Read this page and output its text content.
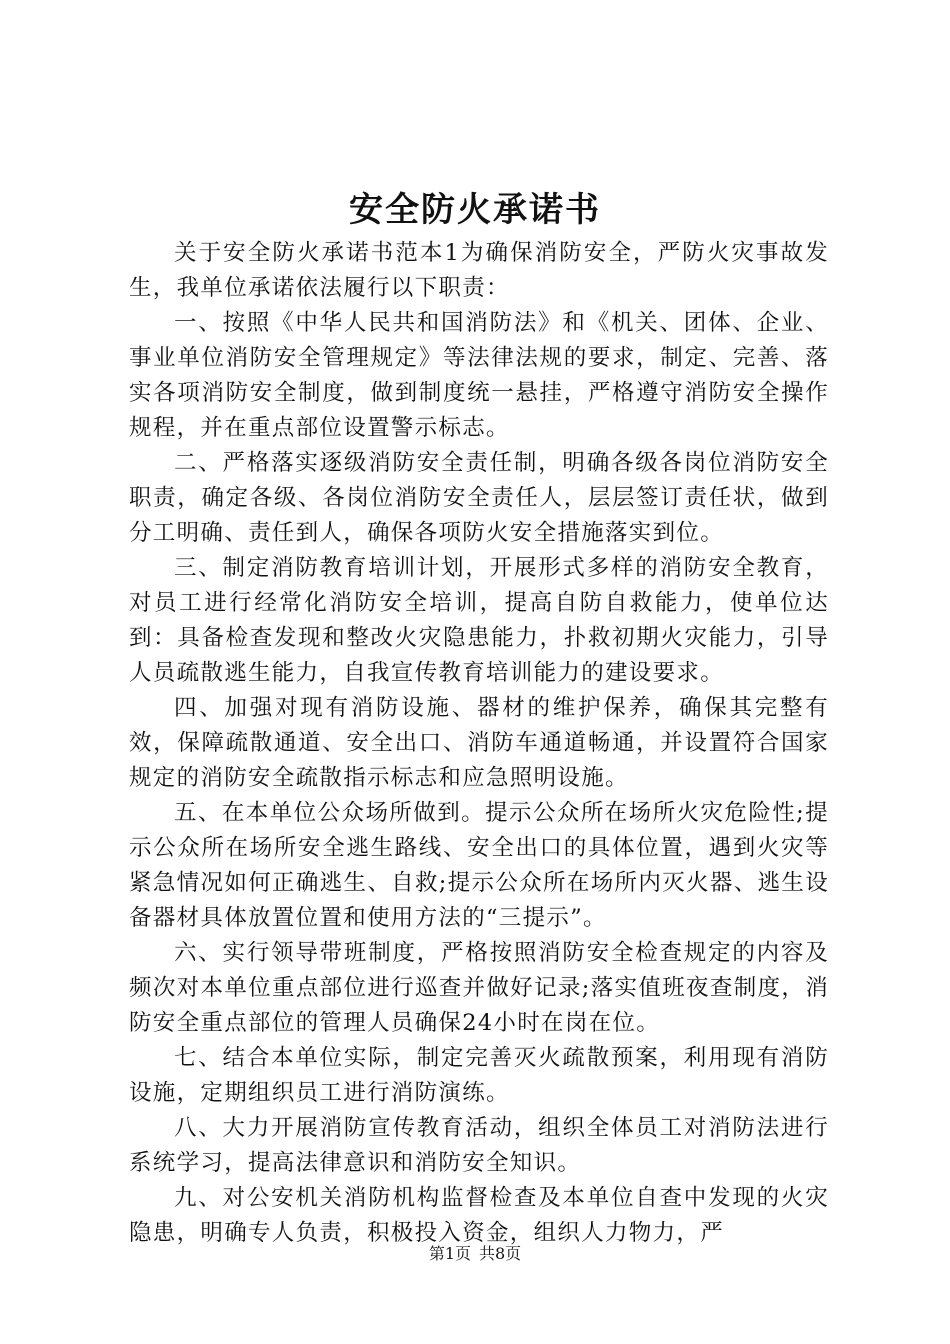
安全防火承诺书

关于安全防火承诺书范本1为确保消防安全，严防火灾事故发生，我单位承诺依法履行以下职责：

一、按照《中华人民共和国消防法》和《机关、团体、企业、事业单位消防安全管理规定》等法律法规的要求，制定、完善、落实各项消防安全制度，做到制度统一悬挂，严格遵守消防安全操作规程，并在重点部位设置警示标志。

二、严格落实逐级消防安全责任制，明确各级各岗位消防安全职责，确定各级、各岗位消防安全责任人，层层签订责任状，做到分工明确、责任到人，确保各项防火安全措施落实到位。

三、制定消防教育培训计划，开展形式多样的消防安全教育，对员工进行经常化消防安全培训，提高自防自救能力，使单位达到：具备检查发现和整改火灾隐患能力，扑救初期火灾能力，引导人员疏散逃生能力，自我宣传教育培训能力的建设要求。

四、加强对现有消防设施、器材的维护保养，确保其完整有效，保障疏散通道、安全出口、消防车通道畅通，并设置符合国家规定的消防安全疏散指示标志和应急照明设施。

五、在本单位公众场所做到。提示公众所在场所火灾危险性;提示公众所在场所安全逃生路线、安全出口的具体位置，遇到火灾等紧急情况如何正确逃生、自救;提示公众所在场所内灭火器、逃生设备器材具体放置位置和使用方法的“三提示”。

六、实行领导带班制度，严格按照消防安全检查规定的内容及频次对本单位重点部位进行巡查并做好记录;落实值班夜查制度，消防安全重点部位的管理人员确保24小时在岗在位。

七、结合本单位实际，制定完善灭火疏散预案，利用现有消防设施，定期组织员工进行消防演练。

八、大力开展消防宣传教育活动，组织全体员工对消防法进行系统学习，提高法律意识和消防安全知识。

九、对公安机关消防机构监督检查及本单位自查中发现的火灾隐患，明确专人负责，积极投入资金，组织人力物力，严

第1页 共8页
